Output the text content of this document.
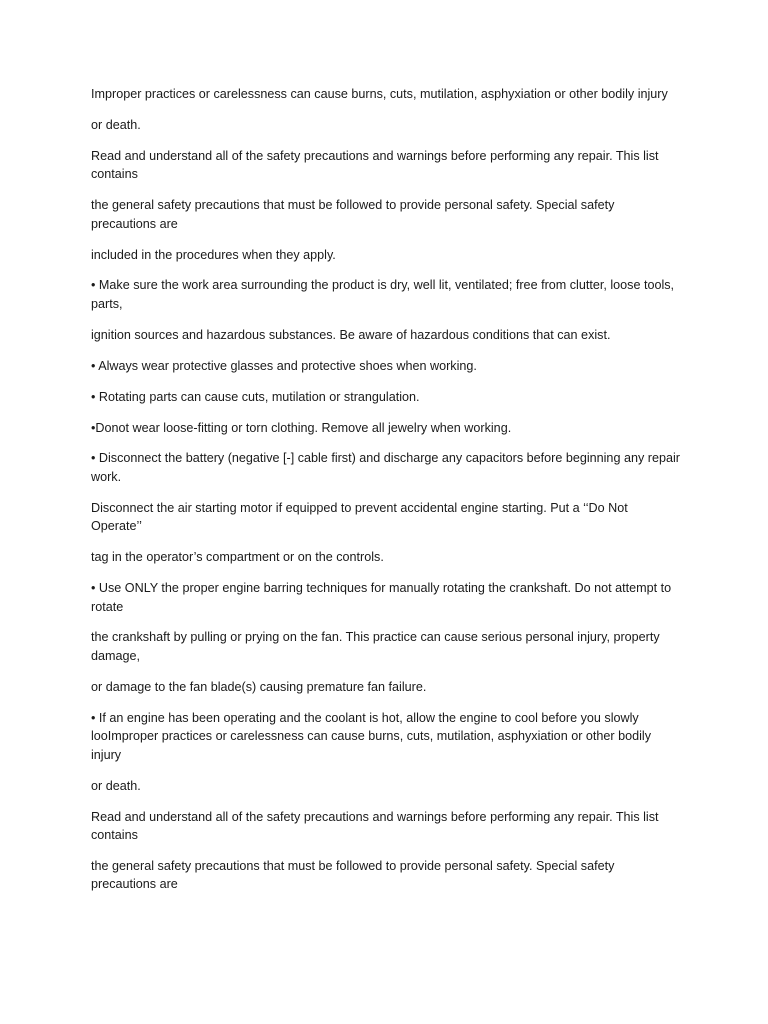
Improper practices or carelessness can cause burns, cuts, mutilation, asphyxiation or other bodily injury

or death.

Read and understand all of the safety precautions and warnings before performing any repair. This list contains

the general safety precautions that must be followed to provide personal safety. Special safety precautions are

included in the procedures when they apply.

• Make sure the work area surrounding the product is dry, well lit, ventilated; free from clutter, loose tools, parts,

ignition sources and hazardous substances. Be aware of hazardous conditions that can exist.

• Always wear protective glasses and protective shoes when working.

• Rotating parts can cause cuts, mutilation or strangulation.

•Donot wear loose-fitting or torn clothing. Remove all jewelry when working.

• Disconnect the battery (negative [-] cable first) and discharge any capacitors before beginning any repair work.

Disconnect the air starting motor if equipped to prevent accidental engine starting. Put a ‘‘Do Not Operate’’

tag in the operator’s compartment or on the controls.

• Use ONLY the proper engine barring techniques for manually rotating the crankshaft. Do not attempt to rotate

the crankshaft by pulling or prying on the fan. This practice can cause serious personal injury, property damage,

or damage to the fan blade(s) causing premature fan failure.

• If an engine has been operating and the coolant is hot, allow the engine to cool before you slowly looImproper practices or carelessness can cause burns, cuts, mutilation, asphyxiation or other bodily injury

or death.

Read and understand all of the safety precautions and warnings before performing any repair. This list contains

the general safety precautions that must be followed to provide personal safety. Special safety precautions are
